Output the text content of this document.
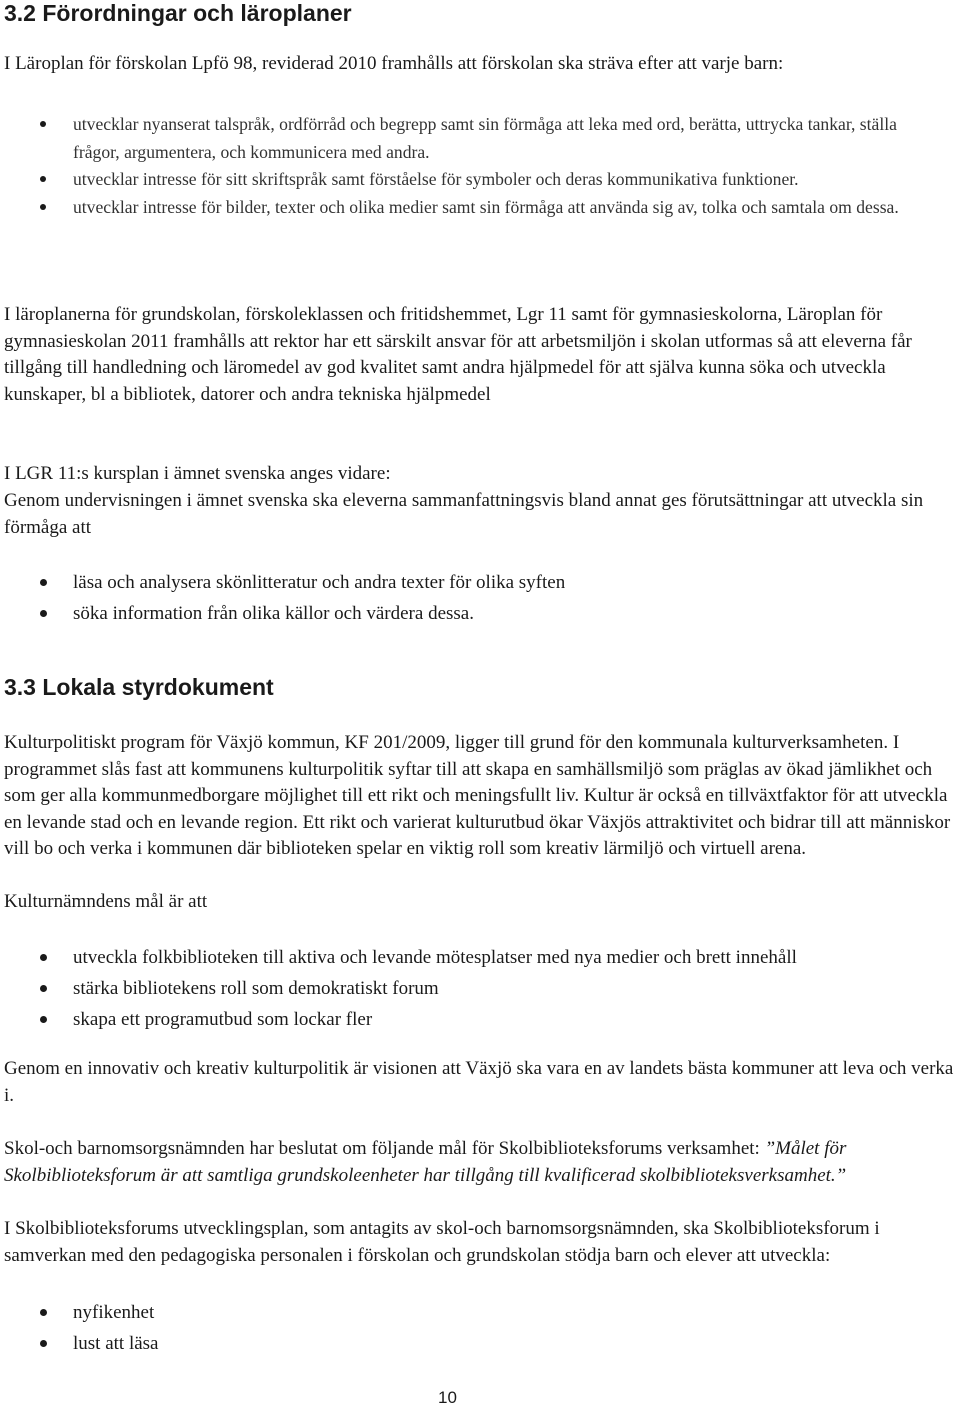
3.2 Förordningar och läroplaner

I Läroplan för förskolan Lpfö 98, reviderad 2010 framhålls att förskolan ska sträva efter att varje barn:

utvecklar nyanserat talspråk, ordförråd och begrepp samt sin förmåga att leka med ord, berätta, uttrycka tankar, ställa frågor, argumentera, och kommunicera med andra.
utvecklar intresse för sitt skriftspråk samt förståelse för symboler och deras kommunikativa funktioner.
utvecklar intresse för bilder, texter och olika medier samt sin förmåga att använda sig av, tolka och samtala om dessa.

I läroplanerna för grundskolan, förskoleklassen och fritidshemmet, Lgr 11 samt för gymnasieskolorna, Läroplan för gymnasieskolan 2011 framhålls att rektor har ett särskilt ansvar för att arbetsmiljön i skolan utformas så att eleverna får tillgång till handledning och läromedel av god kvalitet samt andra hjälpmedel för att själva kunna söka och utveckla kunskaper, bl a bibliotek, datorer och andra tekniska hjälpmedel

I LGR 11:s kursplan i ämnet svenska anges vidare:

Genom undervisningen i ämnet svenska ska eleverna sammanfattningsvis bland annat ges förutsättningar att utveckla sin förmåga att

läsa och analysera skönlitteratur och andra texter för olika syften
söka information från olika källor och värdera dessa.
3.3 Lokala styrdokument

Kulturpolitiskt program för Växjö kommun, KF 201/2009, ligger till grund för den kommunala kulturverksamheten. I programmet slås fast att kommunens kulturpolitik syftar till att skapa en samhällsmiljö som präglas av ökad jämlikhet och som ger alla kommunmedborgare möjlighet till ett rikt och meningsfullt liv. Kultur är också en tillväxtfaktor för att utveckla en levande stad och en levande region. Ett rikt och varierat kulturutbud ökar Växjös attraktivitet och bidrar till att människor vill bo och verka i kommunen där biblioteken spelar en viktig roll som kreativ lärmiljö och virtuell arena.

Kulturnämndens mål är att

utveckla folkbiblioteken till aktiva och levande mötesplatser med nya medier och brett innehåll
stärka bibliotekens roll som demokratiskt forum
skapa ett programutbud som lockar fler

Genom en innovativ och kreativ kulturpolitik är visionen att Växjö ska vara en av landets bästa kommuner att leva och verka i.

Skol-och barnomsorgsnämnden har beslutat om följande mål för Skolbiblioteksforums verksamhet: ”Målet för Skolbiblioteksforum är att samtliga grundskoleenheter har tillgång till kvalificerad skolbiblioteksverksamhet.”

I Skolbiblioteksforums utvecklingsplan, som antagits av skol-och barnomsorgsnämnden, ska Skolbiblioteksforum i samverkan med den pedagogiska personalen i förskolan och grundskolan stödja barn och elever att utveckla:

nyfikenhet
lust att läsa
10
